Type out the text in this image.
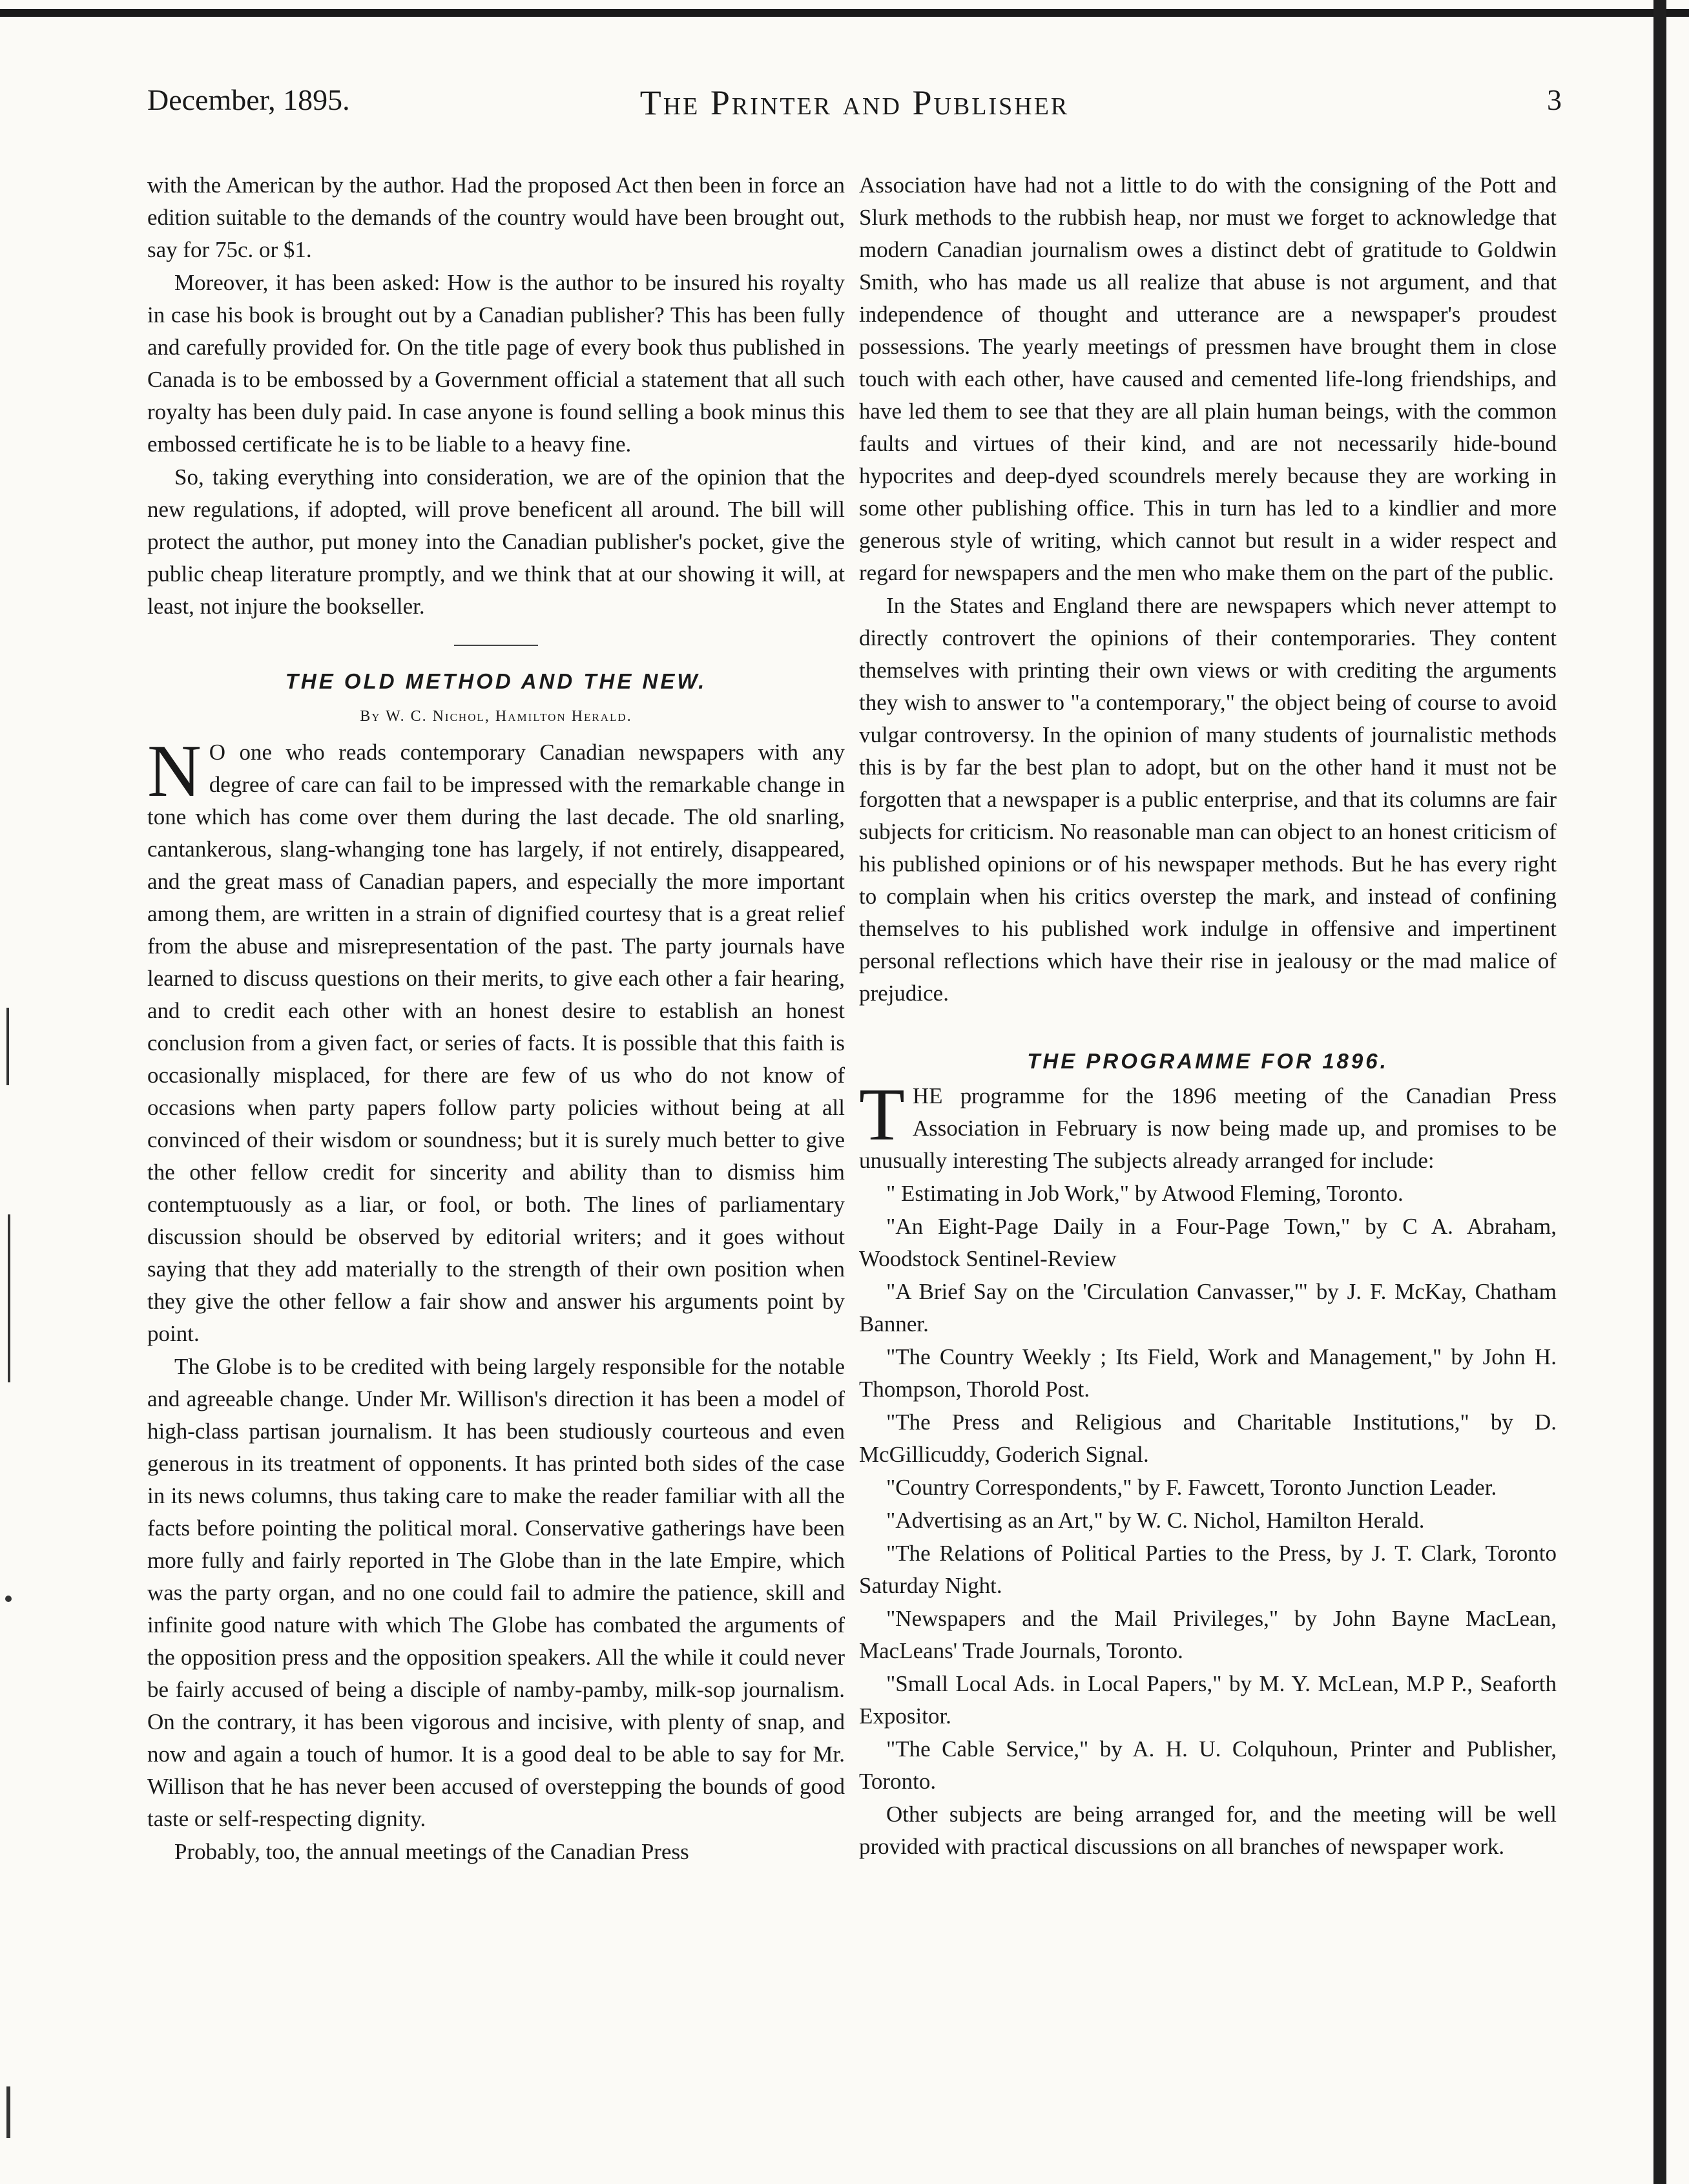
December, 1895.	The Printer and Publisher	3

with the American by the author. Had the proposed Act then been in force an edition suitable to the demands of the country would have been brought out, say for 75c. or $1.

Moreover, it has been asked: How is the author to be insured his royalty in case his book is brought out by a Canadian publisher? This has been fully and carefully provided for. On the title page of every book thus published in Canada is to be embossed by a Government official a statement that all such royalty has been duly paid. In case anyone is found selling a book minus this embossed certificate he is to be liable to a heavy fine.

So, taking everything into consideration, we are of the opinion that the new regulations, if adopted, will prove beneficent all around. The bill will protect the author, put money into the Canadian publisher's pocket, give the public cheap literature promptly, and we think that at our showing it will, at least, not injure the bookseller.

THE OLD METHOD AND THE NEW.
By W. C. Nichol, Hamilton Herald.

N O one who reads contemporary Canadian newspapers with any degree of care can fail to be impressed with the remarkable change in tone which has come over them during the last decade. The old snarling, cantankerous, slang-whanging tone has largely, if not entirely, disappeared, and the great mass of Canadian papers, and especially the more important among them, are written in a strain of dignified courtesy that is a great relief from the abuse and misrepresentation of the past. The party journals have learned to discuss questions on their merits, to give each other a fair hearing, and to credit each other with an honest desire to establish an honest conclusion from a given fact, or series of facts. It is possible that this faith is occasionally misplaced, for there are few of us who do not know of occasions when party papers follow party policies without being at all convinced of their wisdom or soundness; but it is surely much better to give the other fellow credit for sincerity and ability than to dismiss him contemptuously as a liar, or fool, or both. The lines of parliamentary discussion should be observed by editorial writers; and it goes without saying that they add materially to the strength of their own position when they give the other fellow a fair show and answer his arguments point by point.

The Globe is to be credited with being largely responsible for the notable and agreeable change. Under Mr. Willison's direction it has been a model of high-class partisan journalism. It has been studiously courteous and even generous in its treatment of opponents. It has printed both sides of the case in its news columns, thus taking care to make the reader familiar with all the facts before pointing the political moral. Conservative gatherings have been more fully and fairly reported in The Globe than in the late Empire, which was the party organ, and no one could fail to admire the patience, skill and infinite good nature with which The Globe has combated the arguments of the opposition press and the opposition speakers. All the while it could never be fairly accused of being a disciple of namby-pamby, milk-sop journalism. On the contrary, it has been vigorous and incisive, with plenty of snap, and now and again a touch of humor. It is a good deal to be able to say for Mr. Willison that he has never been accused of overstepping the bounds of good taste or self-respecting dignity.

Probably, too, the annual meetings of the Canadian Press

Association have had not a little to do with the consigning of the Pott and Slurk methods to the rubbish heap, nor must we forget to acknowledge that modern Canadian journalism owes a distinct debt of gratitude to Goldwin Smith, who has made us all realize that abuse is not argument, and that independence of thought and utterance are a newspaper's proudest possessions. The yearly meetings of pressmen have brought them in close touch with each other, have caused and cemented life-long friendships, and have led them to see that they are all plain human beings, with the common faults and virtues of their kind, and are not necessarily hide-bound hypocrites and deep-dyed scoundrels merely because they are working in some other publishing office. This in turn has led to a kindlier and more generous style of writing, which cannot but result in a wider respect and regard for newspapers and the men who make them on the part of the public.

In the States and England there are newspapers which never attempt to directly controvert the opinions of their contemporaries. They content themselves with printing their own views or with crediting the arguments they wish to answer to "a contemporary," the object being of course to avoid vulgar controversy. In the opinion of many students of journalistic methods this is by far the best plan to adopt, but on the other hand it must not be forgotten that a newspaper is a public enterprise, and that its columns are fair subjects for criticism. No reasonable man can object to an honest criticism of his published opinions or of his newspaper methods. But he has every right to complain when his critics overstep the mark, and instead of confining themselves to his published work indulge in offensive and impertinent personal reflections which have their rise in jealousy or the mad malice of prejudice.

THE PROGRAMME FOR 1896.

THE programme for the 1896 meeting of the Canadian Press Association in February is now being made up, and promises to be unusually interesting The subjects already arranged for include:

" Estimating in Job Work," by Atwood Fleming, Toronto.

"An Eight-Page Daily in a Four-Page Town," by C A. Abraham, Woodstock Sentinel-Review

"A Brief Say on the 'Circulation Canvasser,'" by J. F. McKay, Chatham Banner.

"The Country Weekly ; Its Field, Work and Management," by John H. Thompson, Thorold Post.

"The Press and Religious and Charitable Institutions," by D. McGillicuddy, Goderich Signal.

"Country Correspondents," by F. Fawcett, Toronto Junction Leader.

"Advertising as an Art," by W. C. Nichol, Hamilton Herald.

"The Relations of Political Parties to the Press, by J. T. Clark, Toronto Saturday Night.

"Newspapers and the Mail Privileges," by John Bayne MacLean, MacLeans' Trade Journals, Toronto.

"Small Local Ads. in Local Papers," by M. Y. McLean, M.P P., Seaforth Expositor.

"The Cable Service," by A. H. U. Colquhoun, Printer and Publisher, Toronto.

Other subjects are being arranged for, and the meeting will be well provided with practical discussions on all branches of newspaper work.
